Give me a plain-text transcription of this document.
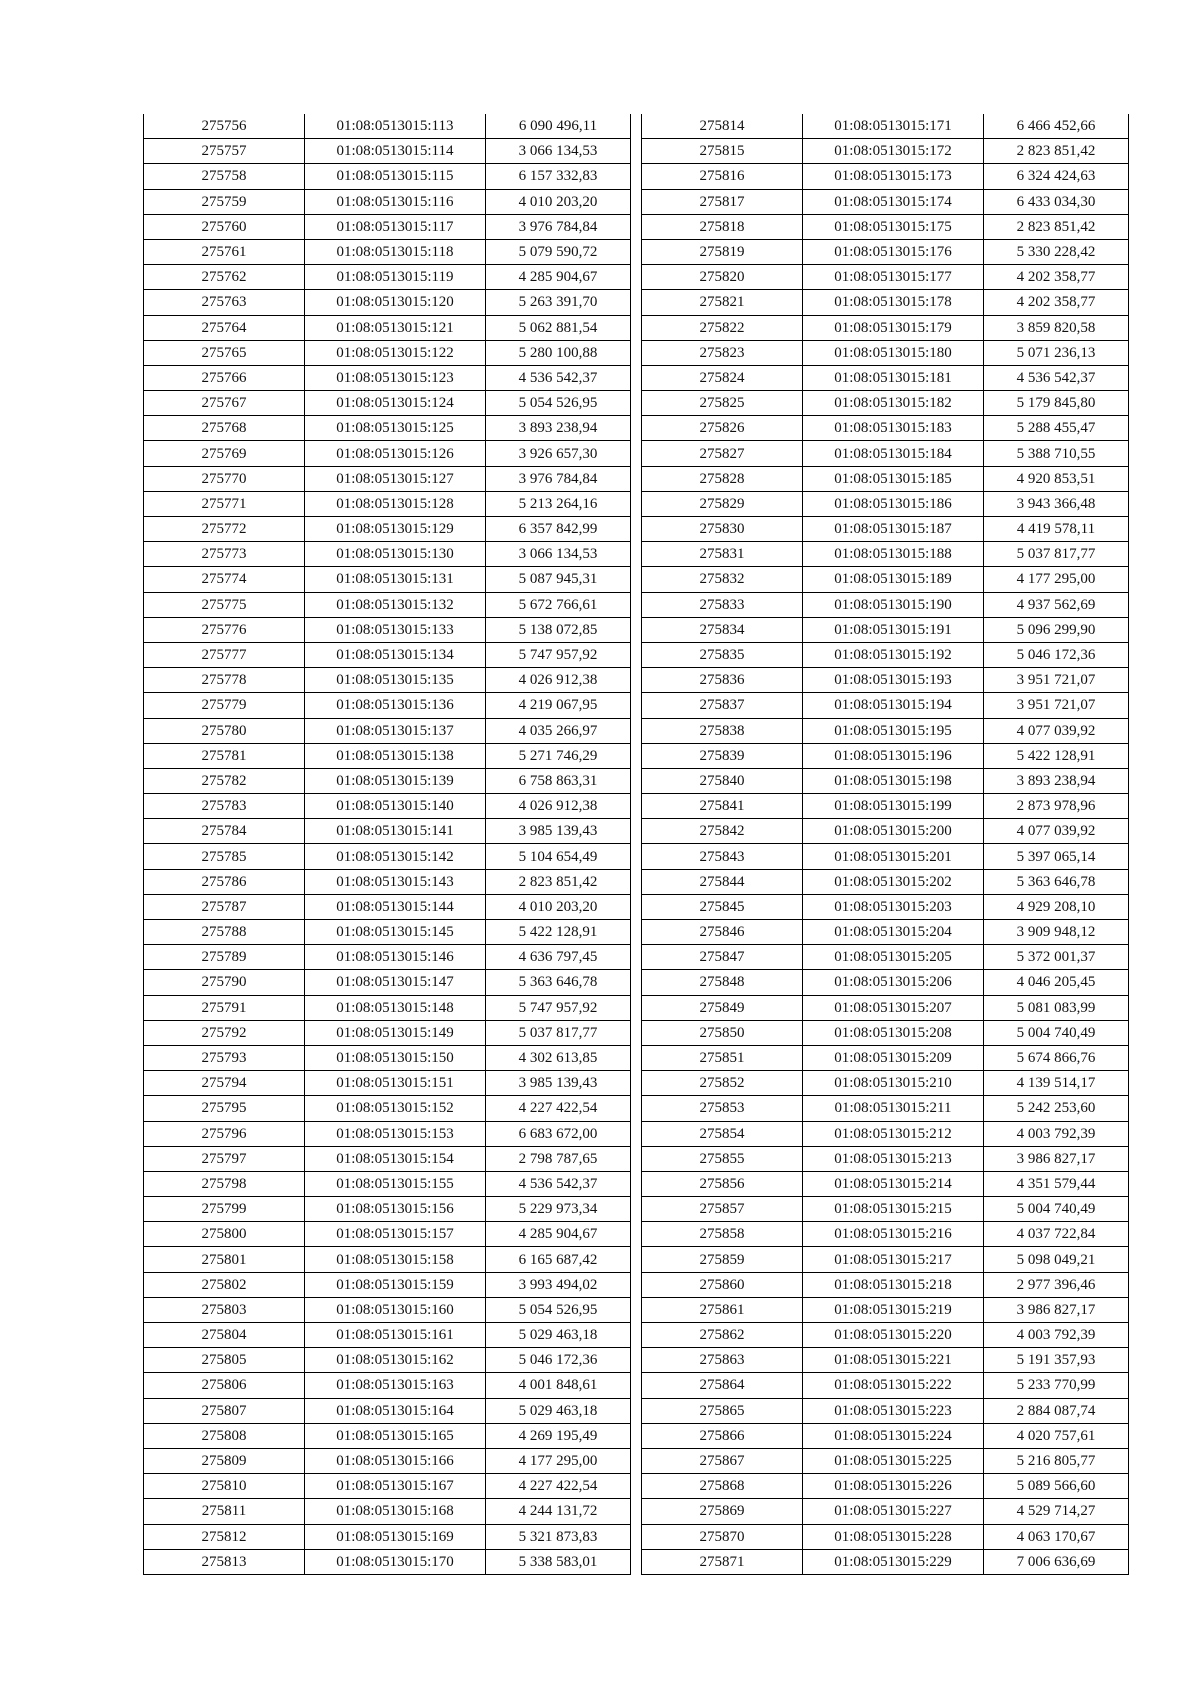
275756	01:08:0513015:113	6 090 496,11
275757	01:08:0513015:114	3 066 134,53
275758	01:08:0513015:115	6 157 332,83
275759	01:08:0513015:116	4 010 203,20
275760	01:08:0513015:117	3 976 784,84
275761	01:08:0513015:118	5 079 590,72
275762	01:08:0513015:119	4 285 904,67
275763	01:08:0513015:120	5 263 391,70
275764	01:08:0513015:121	5 062 881,54
275765	01:08:0513015:122	5 280 100,88
275766	01:08:0513015:123	4 536 542,37
275767	01:08:0513015:124	5 054 526,95
275768	01:08:0513015:125	3 893 238,94
275769	01:08:0513015:126	3 926 657,30
275770	01:08:0513015:127	3 976 784,84
275771	01:08:0513015:128	5 213 264,16
275772	01:08:0513015:129	6 357 842,99
275773	01:08:0513015:130	3 066 134,53
275774	01:08:0513015:131	5 087 945,31
275775	01:08:0513015:132	5 672 766,61
275776	01:08:0513015:133	5 138 072,85
275777	01:08:0513015:134	5 747 957,92
275778	01:08:0513015:135	4 026 912,38
275779	01:08:0513015:136	4 219 067,95
275780	01:08:0513015:137	4 035 266,97
275781	01:08:0513015:138	5 271 746,29
275782	01:08:0513015:139	6 758 863,31
275783	01:08:0513015:140	4 026 912,38
275784	01:08:0513015:141	3 985 139,43
275785	01:08:0513015:142	5 104 654,49
275786	01:08:0513015:143	2 823 851,42
275787	01:08:0513015:144	4 010 203,20
275788	01:08:0513015:145	5 422 128,91
275789	01:08:0513015:146	4 636 797,45
275790	01:08:0513015:147	5 363 646,78
275791	01:08:0513015:148	5 747 957,92
275792	01:08:0513015:149	5 037 817,77
275793	01:08:0513015:150	4 302 613,85
275794	01:08:0513015:151	3 985 139,43
275795	01:08:0513015:152	4 227 422,54
275796	01:08:0513015:153	6 683 672,00
275797	01:08:0513015:154	2 798 787,65
275798	01:08:0513015:155	4 536 542,37
275799	01:08:0513015:156	5 229 973,34
275800	01:08:0513015:157	4 285 904,67
275801	01:08:0513015:158	6 165 687,42
275802	01:08:0513015:159	3 993 494,02
275803	01:08:0513015:160	5 054 526,95
275804	01:08:0513015:161	5 029 463,18
275805	01:08:0513015:162	5 046 172,36
275806	01:08:0513015:163	4 001 848,61
275807	01:08:0513015:164	5 029 463,18
275808	01:08:0513015:165	4 269 195,49
275809	01:08:0513015:166	4 177 295,00
275810	01:08:0513015:167	4 227 422,54
275811	01:08:0513015:168	4 244 131,72
275812	01:08:0513015:169	5 321 873,83
275813	01:08:0513015:170	5 338 583,01
275814	01:08:0513015:171	6 466 452,66
275815	01:08:0513015:172	2 823 851,42
275816	01:08:0513015:173	6 324 424,63
275817	01:08:0513015:174	6 433 034,30
275818	01:08:0513015:175	2 823 851,42
275819	01:08:0513015:176	5 330 228,42
275820	01:08:0513015:177	4 202 358,77
275821	01:08:0513015:178	4 202 358,77
275822	01:08:0513015:179	3 859 820,58
275823	01:08:0513015:180	5 071 236,13
275824	01:08:0513015:181	4 536 542,37
275825	01:08:0513015:182	5 179 845,80
275826	01:08:0513015:183	5 288 455,47
275827	01:08:0513015:184	5 388 710,55
275828	01:08:0513015:185	4 920 853,51
275829	01:08:0513015:186	3 943 366,48
275830	01:08:0513015:187	4 419 578,11
275831	01:08:0513015:188	5 037 817,77
275832	01:08:0513015:189	4 177 295,00
275833	01:08:0513015:190	4 937 562,69
275834	01:08:0513015:191	5 096 299,90
275835	01:08:0513015:192	5 046 172,36
275836	01:08:0513015:193	3 951 721,07
275837	01:08:0513015:194	3 951 721,07
275838	01:08:0513015:195	4 077 039,92
275839	01:08:0513015:196	5 422 128,91
275840	01:08:0513015:198	3 893 238,94
275841	01:08:0513015:199	2 873 978,96
275842	01:08:0513015:200	4 077 039,92
275843	01:08:0513015:201	5 397 065,14
275844	01:08:0513015:202	5 363 646,78
275845	01:08:0513015:203	4 929 208,10
275846	01:08:0513015:204	3 909 948,12
275847	01:08:0513015:205	5 372 001,37
275848	01:08:0513015:206	4 046 205,45
275849	01:08:0513015:207	5 081 083,99
275850	01:08:0513015:208	5 004 740,49
275851	01:08:0513015:209	5 674 866,76
275852	01:08:0513015:210	4 139 514,17
275853	01:08:0513015:211	5 242 253,60
275854	01:08:0513015:212	4 003 792,39
275855	01:08:0513015:213	3 986 827,17
275856	01:08:0513015:214	4 351 579,44
275857	01:08:0513015:215	5 004 740,49
275858	01:08:0513015:216	4 037 722,84
275859	01:08:0513015:217	5 098 049,21
275860	01:08:0513015:218	2 977 396,46
275861	01:08:0513015:219	3 986 827,17
275862	01:08:0513015:220	4 003 792,39
275863	01:08:0513015:221	5 191 357,93
275864	01:08:0513015:222	5 233 770,99
275865	01:08:0513015:223	2 884 087,74
275866	01:08:0513015:224	4 020 757,61
275867	01:08:0513015:225	5 216 805,77
275868	01:08:0513015:226	5 089 566,60
275869	01:08:0513015:227	4 529 714,27
275870	01:08:0513015:228	4 063 170,67
275871	01:08:0513015:229	7 006 636,69
